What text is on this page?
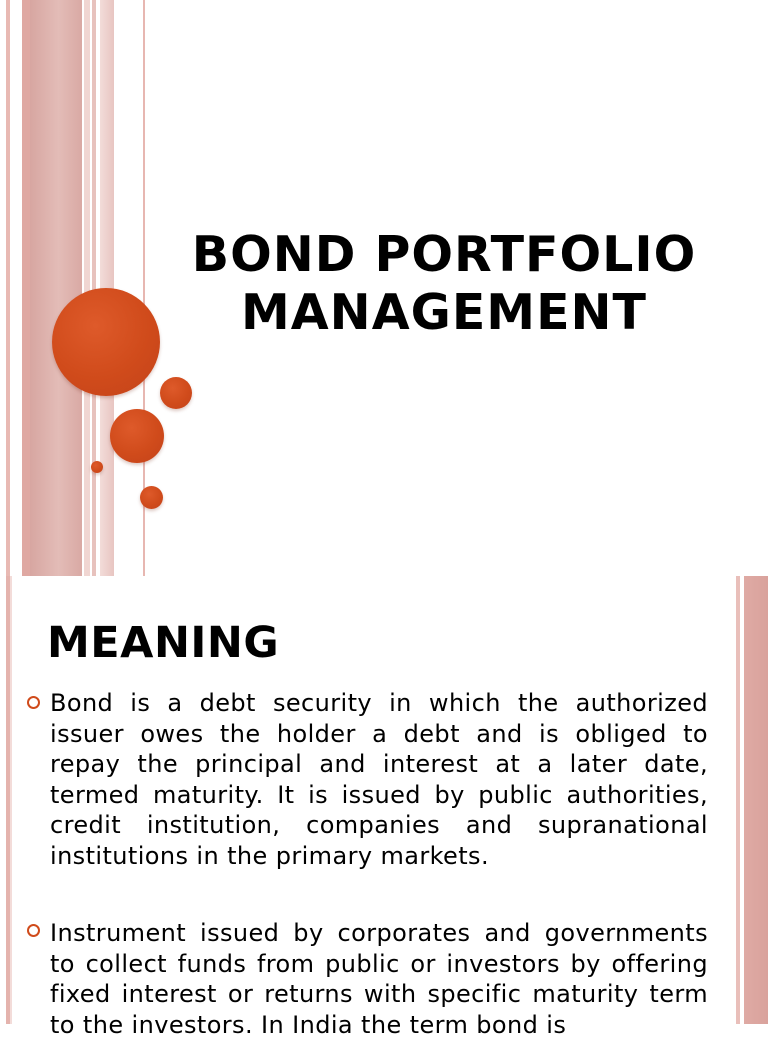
BOND PORTFOLIO
MANAGEMENT
MEANING
Bond is a debt security in which the authorized issuer owes the holder a debt and is obliged to repay the principal and interest at a later date, termed maturity. It is issued by public authorities, credit institution, companies and supranational institutions in the primary markets.
Instrument issued by corporates and governments to collect funds from public or investors by offering fixed interest or returns with specific maturity term to the investors. In India the term bond is
